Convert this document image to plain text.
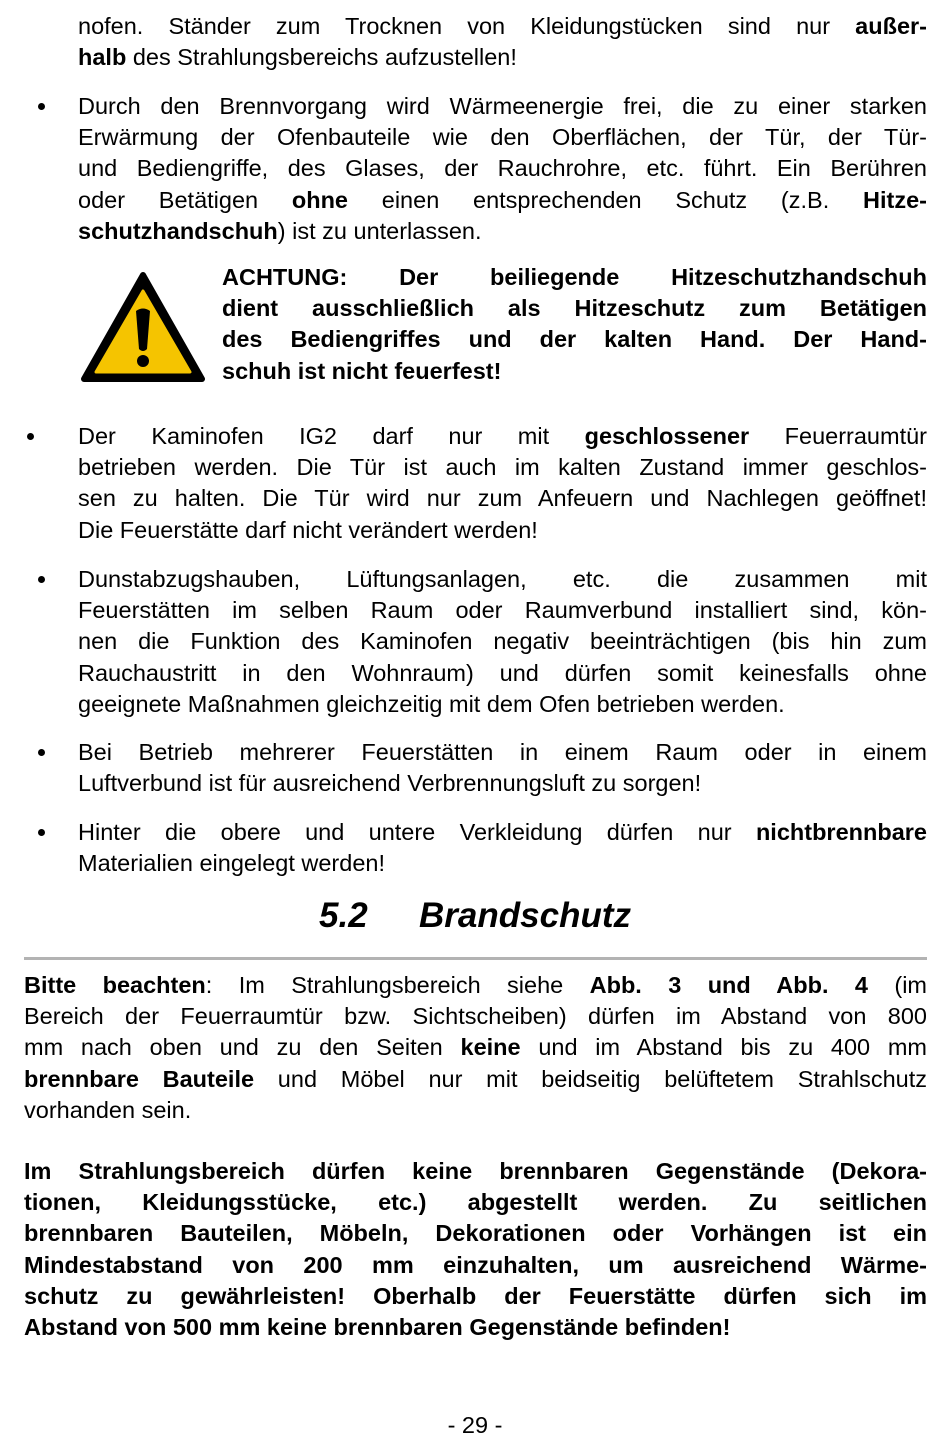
nofen. Ständer zum Trocknen von Kleidungstücken sind nur außer-
halb des Strahlungsbereichs aufzustellen!
Durch den Brennvorgang wird Wärmeenergie frei, die zu einer starken
Erwärmung der Ofenbauteile wie den Oberflächen, der Tür, der Tür-
und Bediengriffe, des Glases, der Rauchrohre, etc. führt. Ein Berühren
oder Betätigen ohne einen entsprechenden Schutz (z.B. Hitze-
schutzhandschuh) ist zu unterlassen.
ACHTUNG: Der beiliegende Hitzeschutzhandschuh
dient ausschließlich als Hitzeschutz zum Betätigen
des Bediengriffes und der kalten Hand. Der Hand-
schuh ist nicht feuerfest!
Der Kaminofen IG2 darf nur mit geschlossener Feuerraumtür
betrieben werden. Die Tür ist auch im kalten Zustand immer geschlos-
sen zu halten. Die Tür wird nur zum Anfeuern und Nachlegen geöffnet!
Die Feuerstätte darf nicht verändert werden!
Dunstabzugshauben, Lüftungsanlagen, etc. die zusammen mit
Feuerstätten im selben Raum oder Raumverbund installiert sind, kön-
nen die Funktion des Kaminofen negativ beeinträchtigen (bis hin zum
Rauchaustritt in den Wohnraum) und dürfen somit keinesfalls ohne
geeignete Maßnahmen gleichzeitig mit dem Ofen betrieben werden.
Bei Betrieb mehrerer Feuerstätten in einem Raum oder in einem
Luftverbund ist für ausreichend Verbrennungsluft zu sorgen!
Hinter die obere und untere Verkleidung dürfen nur nichtbrennbare
Materialien eingelegt werden!
5.2 Brandschutz
Bitte beachten: Im Strahlungsbereich siehe Abb. 3 und Abb. 4 (im
Bereich der Feuerraumtür bzw. Sichtscheiben) dürfen im Abstand von 800
mm nach oben und zu den Seiten keine und im Abstand bis zu 400 mm
brennbare Bauteile und Möbel nur mit beidseitig belüftetem Strahlschutz
vorhanden sein.
Im Strahlungsbereich dürfen keine brennbaren Gegenstände (Dekora-
tionen, Kleidungsstücke, etc.) abgestellt werden. Zu seitlichen
brennbaren Bauteilen, Möbeln, Dekorationen oder Vorhängen ist ein
Mindestabstand von 200 mm einzuhalten, um ausreichend Wärme-
schutz zu gewährleisten! Oberhalb der Feuerstätte dürfen sich im
Abstand von 500 mm keine brennbaren Gegenstände befinden!
- 29 -
